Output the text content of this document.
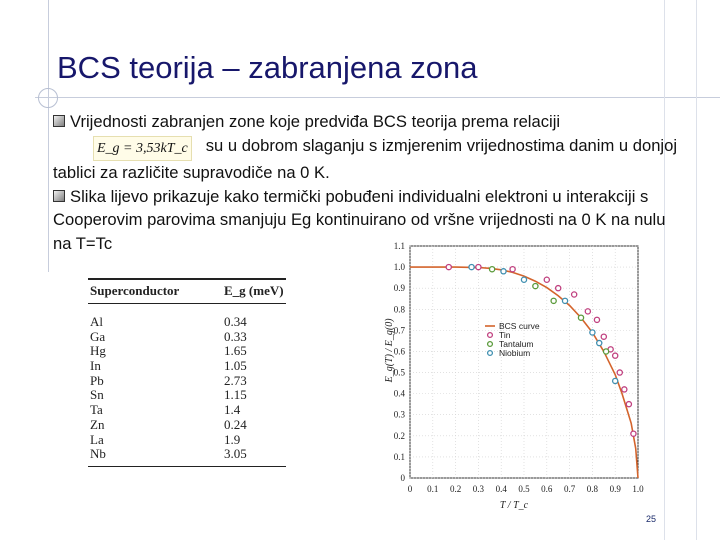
BCS teorija – zabranjena zona
Vrijednosti zabranjen zone koje predviđa BCS teorija prema relaciji
E_g = 3,53kT_c su u dobrom slaganju s izmjerenim vrijednostima danim u donjoj tablici za različite supravodiče na 0 K.
Slika lijevo prikazuje kako termički pobuđeni individualni elektroni u interakciji s Cooperovim parovima smanjuju Eg kontinuirano od vršne vrijednosti na 0 K na nulu na T=Tc
Superconductor	E_g (meV)
Al	0.34
Ga	0.33
Hg	1.65
In	1.05
Pb	2.73
Sn	1.15
Ta	1.4
Zn	0.24
La	1.9
Nb	3.05
0 0.1 0.2 0.3 0.4 0.5 0.6 0.7 0.8 0.9 1.0
0
0.1
0.2
0.3
0.4
0.5
0.6
0.7
0.8
0.9
1.0
1.1
T / T_c
E_g(T) / E_g(0)	BCS curve
Tin
Tantalum
Niobium
25
